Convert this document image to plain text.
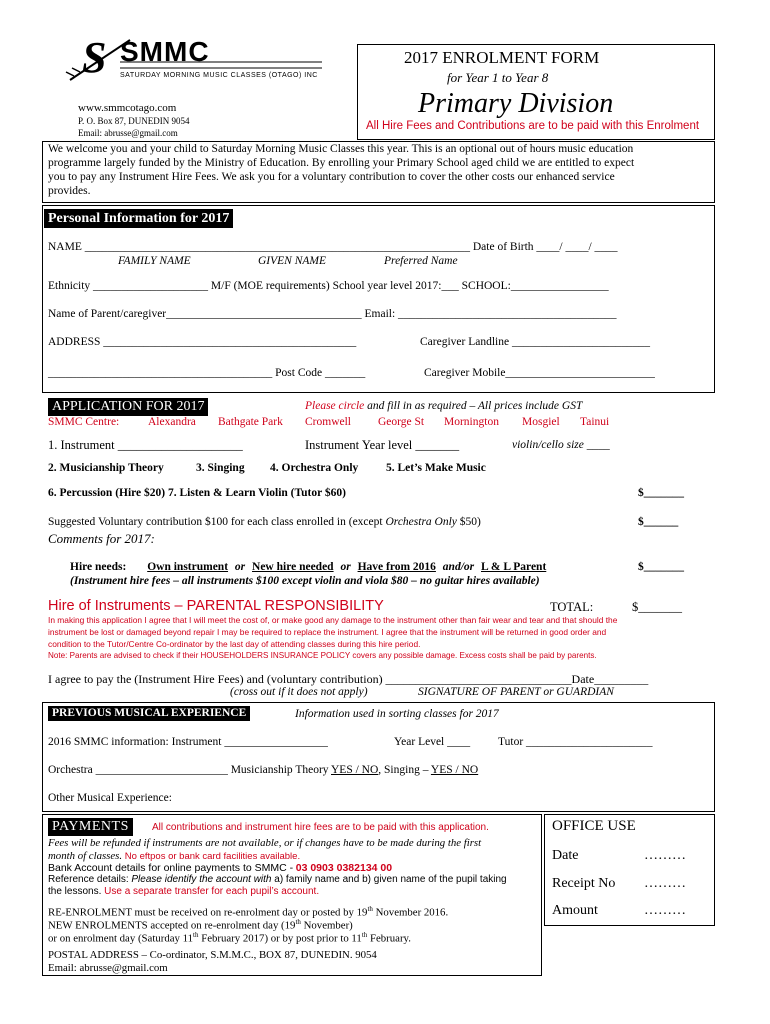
S SMMC
SATURDAY MORNING MUSIC CLASSES (OTAGO) INC
www.smmcotago.com
P. O. Box 87, DUNEDIN 9054
Email: abrusse@gmail.com
2017 ENROLMENT FORM
for Year 1 to Year 8
Primary Division
All Hire Fees and Contributions are to be paid with this Enrolment
We welcome you and your child to Saturday Morning Music Classes this year. This is an optional out of hours music education
programme largely funded by the Ministry of Education. By enrolling your Primary School aged child we are entitled to expect
you to pay any Instrument Hire Fees. We ask you for a voluntary contribution to cover the other costs our enhanced service
provides.
Personal Information for 2017
NAME ___________________________________________________________________ Date of Birth ____/ ____/ ____
FAMILY NAME	GIVEN NAME	Preferred Name
Ethnicity ____________________ M/F (MOE requirements) School year level 2017:___ SCHOOL:_________________
Name of Parent/caregiver__________________________________ Email: ______________________________________
ADDRESS ____________________________________________	Caregiver Landline ________________________
_______________________________________ Post Code _______	Caregiver Mobile__________________________
APPLICATION FOR 2017	Please circle and fill in as required – All prices include GST
SMMC Centre:	Alexandra Bathgate Park Cromwell George St Mornington Mosgiel Tainui
1. Instrument ____________________	Instrument Year level _______	violin/cello size ____
2. Musicianship Theory	3. Singing 4. Orchestra Only 5. Let’s Make Music
6. Percussion (Hire $20) 7. Listen & Learn Violin (Tutor $60)	$_______
Suggested Voluntary contribution $100 for each class enrolled in (except Orchestra Only $50)	$______
Comments for 2017:
Hire needs: Own instrument or New hire needed or Have from 2016 and/or L & L Parent	$_______
(Instrument hire fees – all instruments $100 except violin and viola $80 – no guitar hires available)
Hire of Instruments – PARENTAL RESPONSIBILITY	TOTAL:	$_______
In making this application I agree that I will meet the cost of, or make good any damage to the instrument other than fair wear and tear and that should the
instrument be lost or damaged beyond repair I may be required to replace the instrument. I agree that the instrument will be returned in good order and
condition to the Tutor/Centre Co-ordinator by the last day of attending classes during this hire period.
Note: Parents are advised to check if their HOUSEHOLDERS INSURANCE POLICY covers any possible damage. Excess costs shall be paid by parents.
I agree to pay the (Instrument Hire Fees) and (voluntary contribution) _______________________________Date_________
(cross out if it does not apply)	SIGNATURE OF PARENT or GUARDIAN
PREVIOUS MUSICAL EXPERIENCE	Information used in sorting classes for 2017
2016 SMMC information: Instrument __________________	Year Level ____ Tutor ______________________
Orchestra _______________________ Musicianship Theory YES / NO, Singing – YES / NO
Other Musical Experience:
PAYMENTS	All contributions and instrument hire fees are to be paid with this application.
Fees will be refunded if instruments are not available, or if changes have to be made during the first
month of classes. No eftpos or bank card facilities available.
Bank Account details for online payments to SMMC - 03 0903 0382134 00
Reference details: Please identify the account with a) family name and b) given name of the pupil taking
the lessons. Use a separate transfer for each pupil’s account.
RE-ENROLMENT must be received on re-enrolment day or posted by 19th November 2016.
NEW ENROLMENTS accepted on re-enrolment day (19th November)
or on enrolment day (Saturday 11th February 2017) or by post prior to 11th February.
POSTAL ADDRESS – Co-ordinator, S.M.M.C., BOX 87, DUNEDIN. 9054
Email: abrusse@gmail.com
OFFICE USE
Date	………
Receipt No ………
Amount	………
